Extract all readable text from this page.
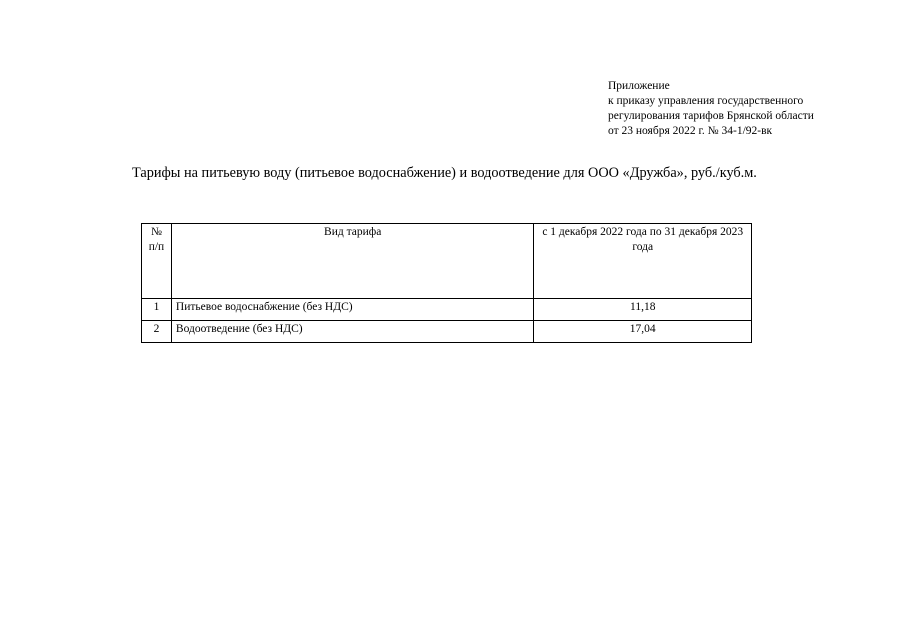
Приложение
к приказу управления государственного
регулирования тарифов Брянской области
от 23 ноября 2022 г. № 34-1/92-вк
Тарифы на питьевую воду (питьевое водоснабжение) и водоотведение для ООО «Дружба», руб./куб.м.
№ п/п	Вид тарифа	с 1 декабря 2022 года по 31 декабря 2023 года
1	Питьевое водоснабжение (без НДС)	11,18
2	Водоотведение (без НДС)	17,04
